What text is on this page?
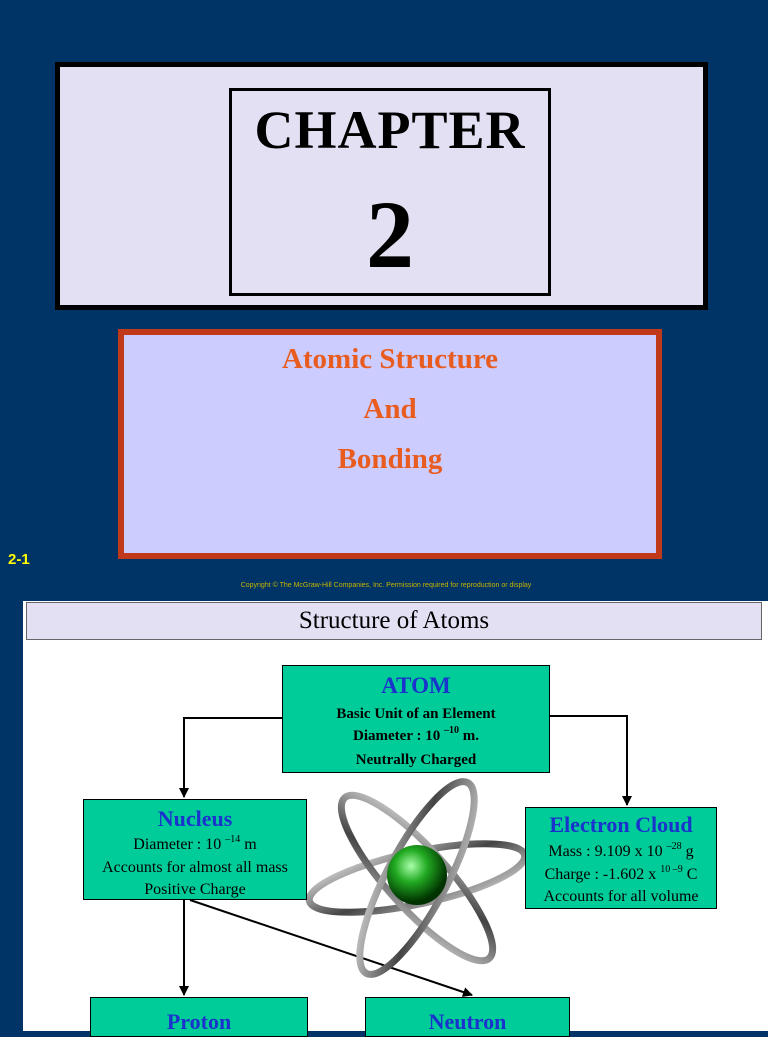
CHAPTER
2
Atomic Structure
And
Bonding
2-1
Copyright © The McGraw-Hill Companies, Inc. Permission required for reproduction or display
Structure of Atoms
ATOM
Basic Unit of an Element
Diameter : 10 $^{-10}$ m.
Neutrally Charged
Nucleus
Diameter : 10 $^{-14}$ m
Accounts for almost all mass
Positive Charge
Electron Cloud
Mass : 9.109 x 10 $^{-28}$ g
Charge : -1.602 x $^{10 -9}$ C
Accounts for all volume
Proton	Neutron
